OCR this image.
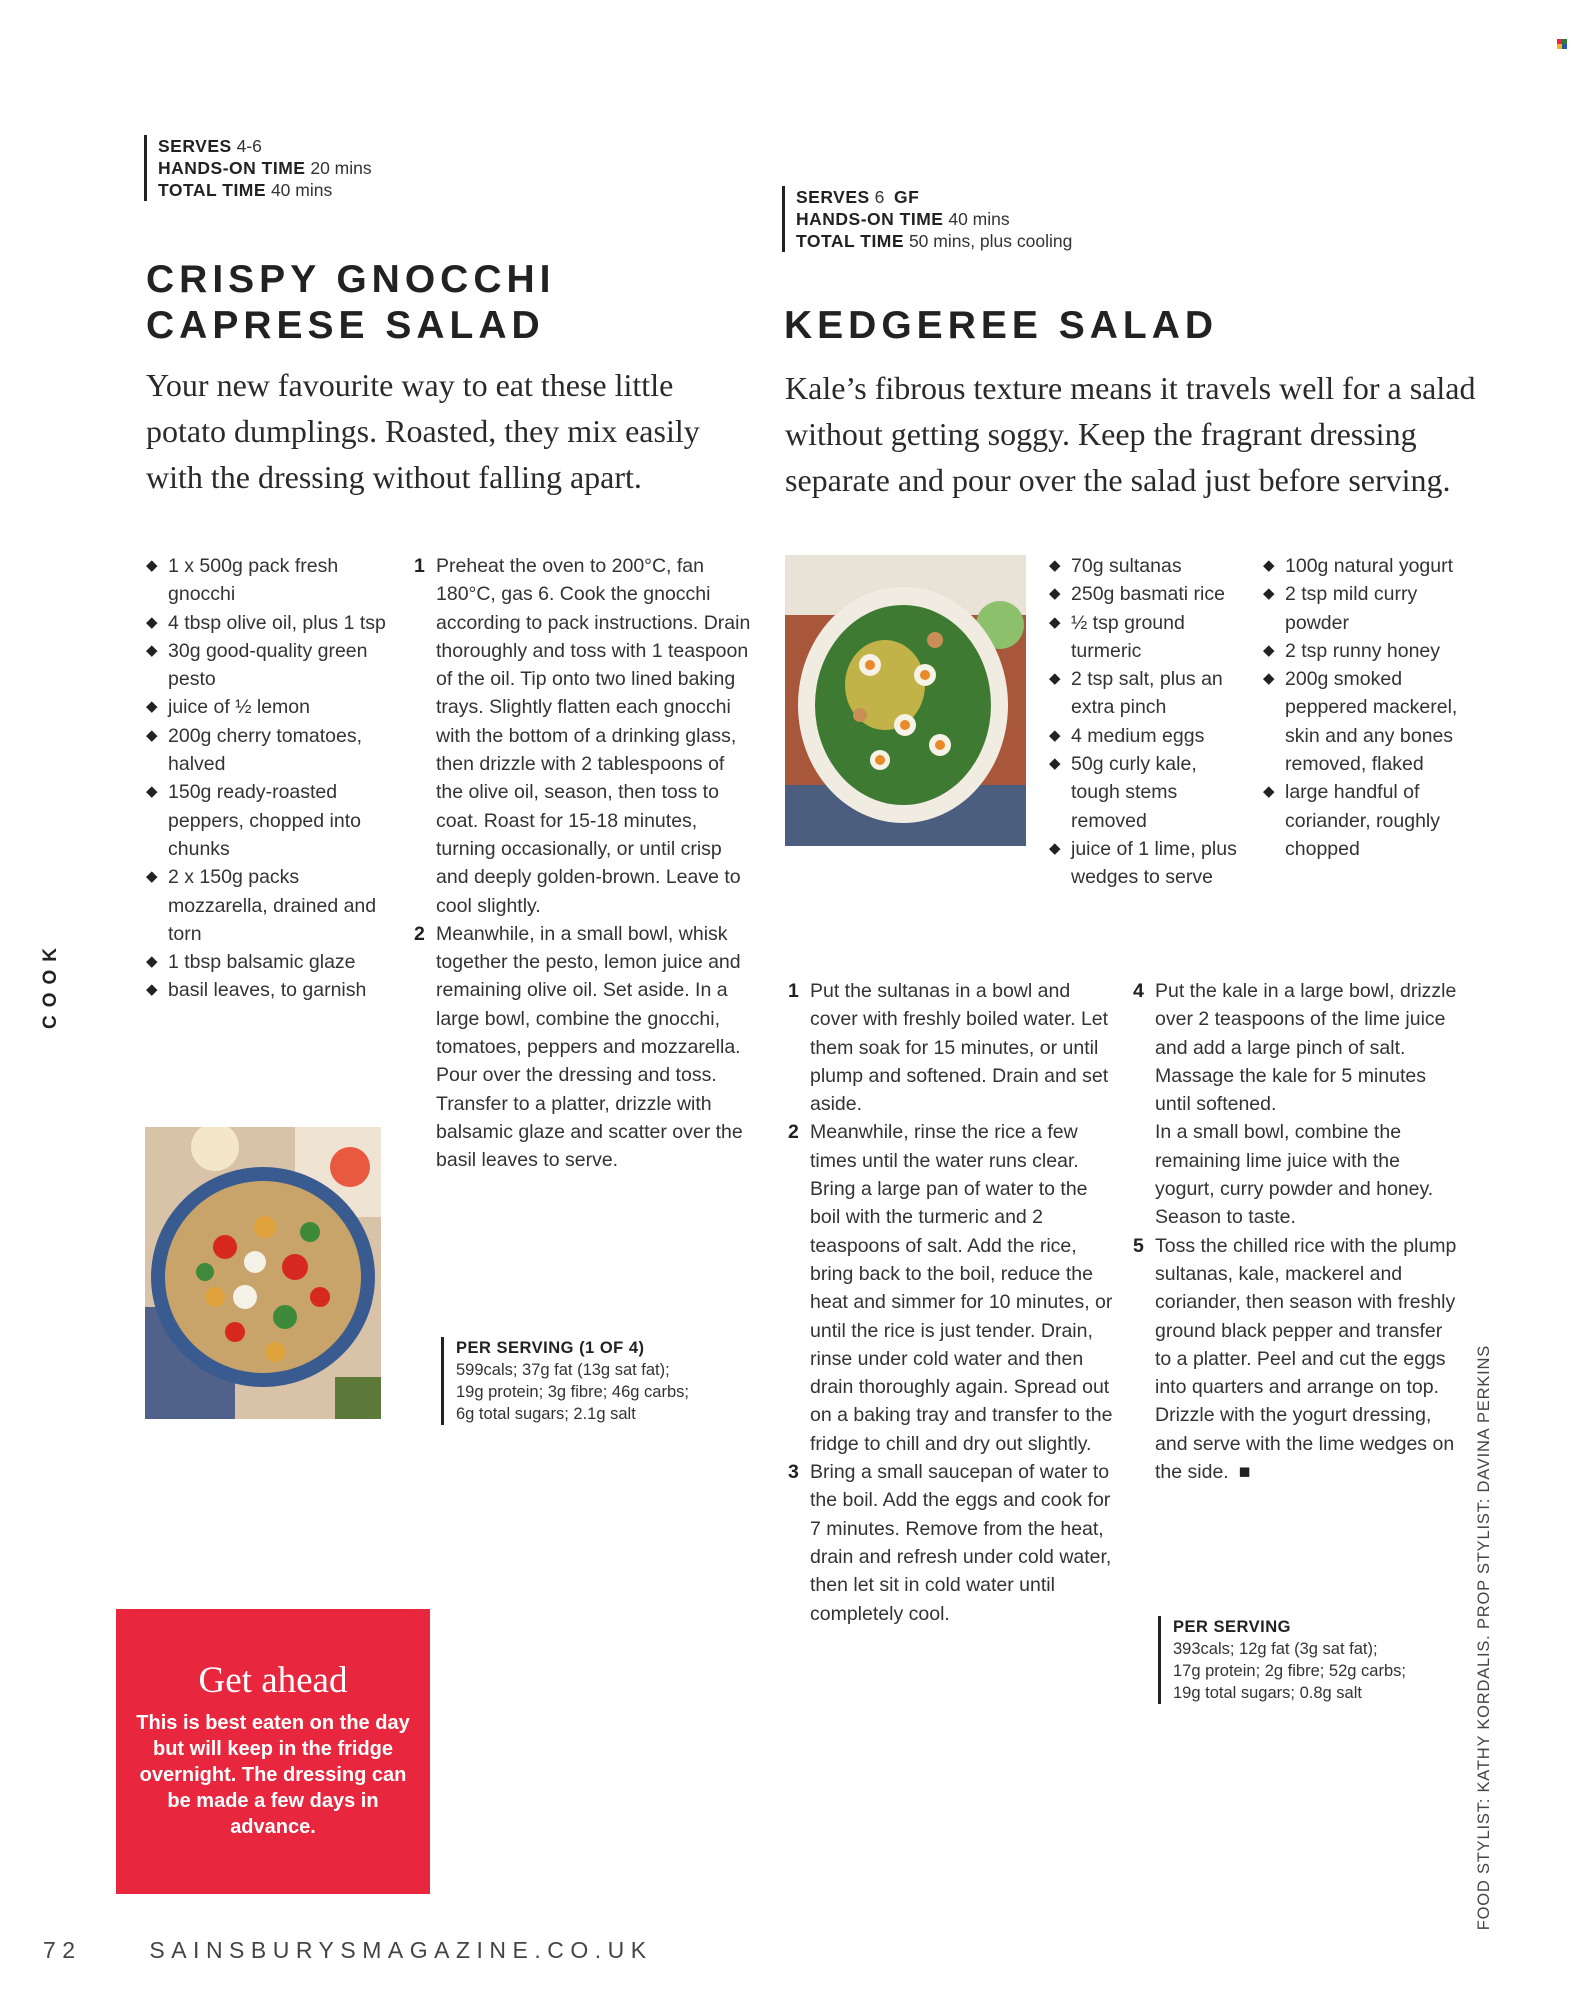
SERVES 4-6
HANDS-ON TIME 20 mins
TOTAL TIME 40 mins
CRISPY GNOCCHI
CAPRESE SALAD
Your new favourite way to eat these little potato dumplings. Roasted, they mix easily with the dressing without falling apart.
◆ 1 x 500g pack fresh gnocchi
◆ 4 tbsp olive oil, plus 1 tsp
◆ 30g good-quality green pesto
◆ juice of ½ lemon
◆ 200g cherry tomatoes, halved
◆ 150g ready-roasted peppers, chopped into chunks
◆ 2 x 150g packs mozzarella, drained and torn
◆ 1 tbsp balsamic glaze
◆ basil leaves, to garnish
1 Preheat the oven to 200°C, fan 180°C, gas 6. Cook the gnocchi according to pack instructions. Drain thoroughly and toss with 1 teaspoon of the oil. Tip onto two lined baking trays. Slightly flatten each gnocchi with the bottom of a drinking glass, then drizzle with 2 tablespoons of the olive oil, season, then toss to coat. Roast for 15-18 minutes, turning occasionally, or until crisp and deeply golden-brown. Leave to cool slightly.

2 Meanwhile, in a small bowl, whisk together the pesto, lemon juice and remaining olive oil. Set aside. In a large bowl, combine the gnocchi, tomatoes, peppers and mozzarella. Pour over the dressing and toss. Transfer to a platter, drizzle with balsamic glaze and scatter over the basil leaves to serve.

PER SERVING (1 OF 4)
599cals; 37g fat (13g sat fat);
19g protein; 3g fibre; 46g carbs;
6g total sugars; 2.1g salt
Get ahead
This is best eaten on the day but will keep in the fridge overnight. The dressing can be made a few days in advance.
SERVES 6 GF
HANDS-ON TIME 40 mins
TOTAL TIME 50 mins, plus cooling
KEDGEREE SALAD
Kale’s fibrous texture means it travels well for a salad without getting soggy. Keep the fragrant dressing separate and pour over the salad just before serving.
◆ 70g sultanas
◆ 250g basmati rice
◆ ½ tsp ground turmeric
◆ 2 tsp salt, plus an extra pinch
◆ 4 medium eggs
◆ 50g curly kale, tough stems removed
◆ juice of 1 lime, plus wedges to serve
◆ 100g natural yogurt
◆ 2 tsp mild curry powder
◆ 2 tsp runny honey
◆ 200g smoked peppered mackerel, skin and any bones removed, flaked
◆ large handful of coriander, roughly chopped
1 Put the sultanas in a bowl and cover with freshly boiled water. Let them soak for 15 minutes, or until plump and softened. Drain and set aside.

2 Meanwhile, rinse the rice a few times until the water runs clear. Bring a large pan of water to the boil with the turmeric and 2 teaspoons of salt. Add the rice, bring back to the boil, reduce the heat and simmer for 10 minutes, or until the rice is just tender. Drain, rinse under cold water and then drain thoroughly again. Spread out on a baking tray and transfer to the fridge to chill and dry out slightly.

3 Bring a small saucepan of water to the boil. Add the eggs and cook for 7 minutes. Remove from the heat, drain and refresh under cold water, then let sit in cold water until completely cool.

4 Put the kale in a large bowl, drizzle over 2 teaspoons of the lime juice and add a large pinch of salt. Massage the kale for 5 minutes until softened.

In a small bowl, combine the remaining lime juice with the yogurt, curry powder and honey. Season to taste.

5 Toss the chilled rice with the plump sultanas, kale, mackerel and coriander, then season with freshly ground black pepper and transfer to a platter. Peel and cut the eggs into quarters and arrange on top. Drizzle with the yogurt dressing, and serve with the lime wedges on the side. ■

PER SERVING
393cals; 12g fat (3g sat fat);
17g protein; 2g fibre; 52g carbs;
19g total sugars; 0.8g salt
COOK
FOOD STYLIST: KATHY KORDALIS. PROP STYLIST: DAVINA PERKINS
72	SAINSBURYSMAGAZINE.CO.UK
